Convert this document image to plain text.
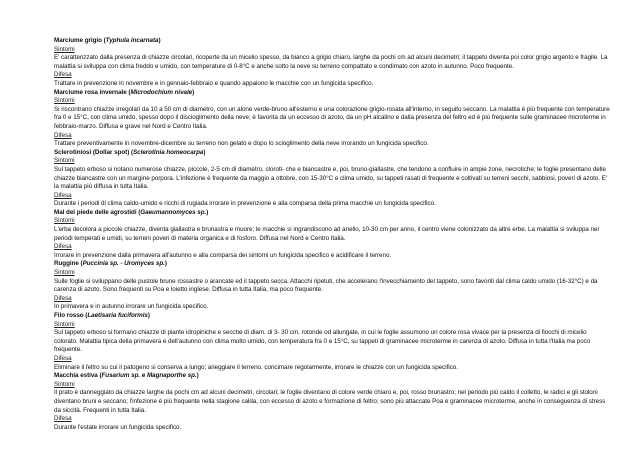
Marciume grigio (Typhula incarnata)
Sintomi
E' caratterizzato dalla presenza di chiazze circolari, ricoperte da un micelio spesso, da bianco a grigio chiaro, larghe da pochi cm ad alcuni decimetri; il tappeto diventa poi color grigio argento e fragile. La malattia si sviluppa con clima freddo e umido, con temperature di 0-8°C e anche sotto la neve su terreno compattato e condimato con azoto in autunno. Poco frequente.
Difesa
Trattare in prevenzione in novembre e in gennaio-febbraio e quando appaiono le macchie con un fungicida specifico.
Marciume rosa invernale (Microdochium nivale)
Sintomi
Si riscontrano chiazze irregolari da 10 a 50 cm di diametro, con un alone verde-bruno all'esterno e una colorazione grigio-rosata all'interno, in seguito seccano. La malattia è più frequente con temperature fra 0 e 15°C, con clima umido, spesso dopo il discioglimento della neve; è favorita da un eccesso di azoto, da un pH alcalino e dalla presenza del feltro ed è più frequente sulle graminacee microterme in febbraio-marzo. Diffusa e grave nel Nord e Centro Italia.
Difesa
Trattare preventivamente in novembre-dicembre su terreno non gelato e dopo lo scioglimento della neve irrorando un fungicida specifico.
Sclerotiniosi (Dollar spot) (Sclerotinia homeocarpa)
Sintomi
Sul tappeto erboso si notano numerose chiazze, piccole, 2-5 cm di diametro, clorotl- che e biancastre e, poi, bruno-giallastre, che tendono a confluire in ampie zone, necrotiche; le foglie presentano delle chiazze biancastre con un margine porpora. L'infezione è frequente da maggio a ottobre, con 15-30°C e clima umido, su tappeti rasati di frequente e coltivati su terreni secchi, sabbiosi, poveri di azoto. E' la malattia più diffusa in tutta Italia.
Difesa
Durante i periodi di clima caldo-umido e ricchi di rugiada irrorare in prevenzione e alla comparsa della prima macchie un fungicida specifico.
Mal del piede delle agrostidi (Gaeumannomyces sp.)
Sintomi
L'erba decolora a piccole chiazze, diventa giallastra e brunastra e muore; le macchie si ingrandiscono ad anello, 10-30 cm per anno, il centro viene colonizzato da altre erbe. La malattia si sviluppa nei periodi temperati e umidi, su terreni poveri di materia organica e di fosforo. Diffusa nel Nord e Centro Italia.
Difesa
Irrorare in prevenzione dalla primavera all'autunno e alla comparsa dei sintomi un fungicida specifico e acidificare il terreno.
Ruggine (Puccinia sp. - Uromyces sp.)
Sintomi
Sulle foglie si sviluppano delle pustole brune rossastre o arancate ed il tappeto secca. Attacchi ripetuti, che accelerano l'invecchiamento del tappeto, sono favoriti dal clima caldo umido (16-32°C) e da carenza di azoto. Sono frequenti su Poa e loietto inglese. Diffusa in tutta Italia, ma poco frequente.
Difesa
In primavera e in autunno irrorare un fungicida specifico.
Filo rosso (Laetisaria fuciformis)
Sintomi
Sul tappeto erboso si formano chiazze di piante idropiniche e secche di diam. di 3- 30 cm, rotonde od allungate, in cui le foglie assumono un colore rosa vivace per la presenza di fiocchi di micelio colorato. Malattia tipica della primavera e dell'autunno con clima molto umido, con temperatura fra 0 e 15°C, su tappeti di graminacee microterme in carenza di azoto. Diffusa in tutta l'Italia ma poco frequente.
Difesa
Eliminare il feltro su cui il patogeno si conserva a lungo; arieggiare il terreno, concimare regolarmente, irrorare le chiazze con un fungicida specifico.
Macchia estiva (Fusarium sp. e Magnaporthe sp.)
Sintomi
Il prato è danneggiato da chiazze larghe da pochi cm ad alcuni decimetri, circolari; le foglie diventano di colore verde chiaro e, poi, rosso brunastro; nel periodo più caldo il colletto, le radici e gli stoloni diventano bruni e seccano; l'infezione è più frequente nella stagione calda, con eccesso di azoto e formazione di feltro; sono più attaccate Poa e graminacee microterme, anche in conseguenza di stress da siccità. Frequenti in tutta Italia.
Difesa
Durante l'estate irrorare un fungicida specifico.
